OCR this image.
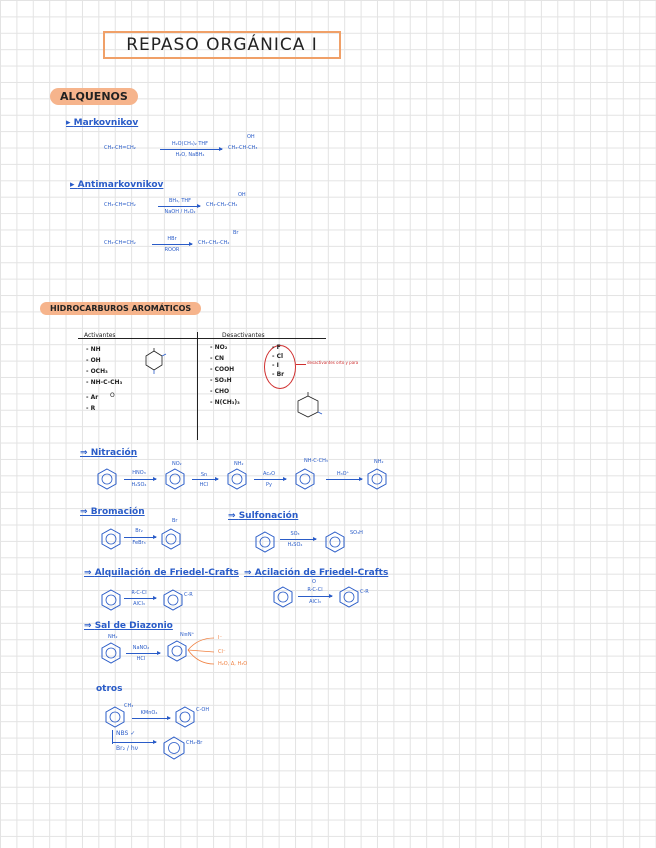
REPASO ORGÁNICA I
ALQUENOS
▸ Markovnikov
CH₃-CH=CH₂
H₂O(CH₃)₂ THF
H₂O, NaBH₄
CH₃-CH-CH₃
OH
▸ Antimarkovnikov
CH₃-CH=CH₂
BH₃, THF
NaOH / H₂O₂
CH₃-CH₂-CH₂
OH
CH₃-CH=CH₂
HBr
ROOR
CH₃-CH₂-CH₂
Br
HIDROCARBUROS AROMÁTICOS
Activantes	Desactivantes
- NH
- OH
- OCH₃
- NH-C-CH₃
- Ar
- R
O
- NO₂
- CN
- COOH
- SO₃H
- CHO
- N(CH₃)₃
- F
- Cl
- I
- Br
desactivantes orto y para
⇒ Nitración
HNO₃
H₂SO₄
NO₂
Sn
HCl
NH₂
Ac₂O
Py
NH-C-CH₃
H₃O⁺
NH₂
⇒ Bromación
Br₂
FeBr₃
Br	⇒ Sulfonación
SO₃
H₂SO₄
SO₃H
⇒ Alquilación de Friedel-Crafts
R-C-Cl
AlCl₃
C-R
⇒ Acilación de Friedel-Crafts
O
R-C-Cl
AlCl₃
C-R
⇒ Sal de Diazonio
NH₂
NaNO₂
HCl
N≡N⁺	I⁻
Cl⁻
H₂O, Δ, H₃O
otros
CH₃
KMnO₄	C-OH
NBS ✓
Br₂ / hν
CH₂-Br
